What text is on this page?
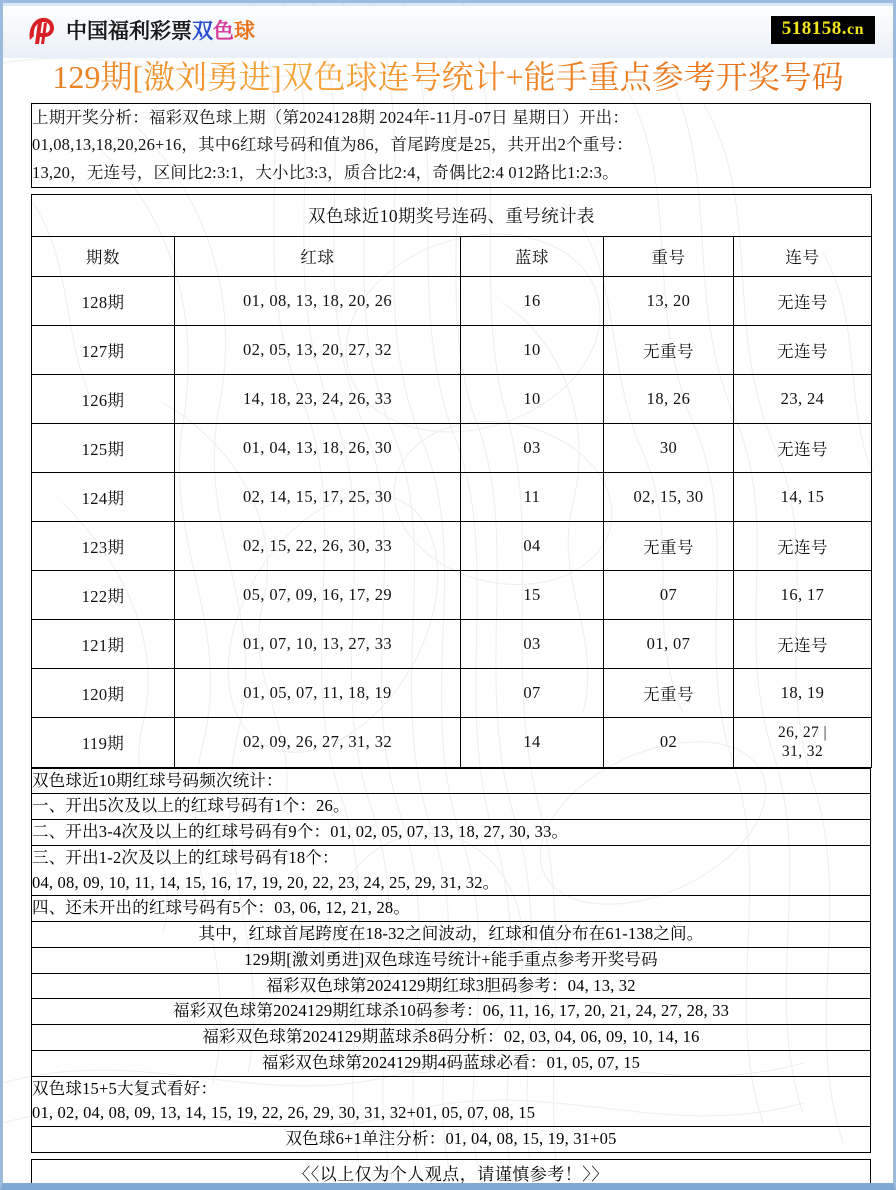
中国福利彩票双色球	518158.cn
129期[激刘勇进]双色球连号统计+能手重点参考开奖号码
上期开奖分析：福彩双色球上期（第2024128期 2024年-11月-07日 星期日）开出：
01,08,13,18,20,26+16，其中6红球号码和值为86，首尾跨度是25，共开出2个重号：
13,20，无连号，区间比2:3:1，大小比3:3，质合比2:4，奇偶比2:4 012路比1:2:3。
双色球近10期奖号连码、重号统计表				
期数	红球	蓝球	重号	连号
128期	01, 08, 13, 18, 20, 26	16	13, 20	无连号
127期	02, 05, 13, 20, 27, 32	10	无重号	无连号
126期	14, 18, 23, 24, 26, 33	10	18, 26	23, 24
125期	01, 04, 13, 18, 26, 30	03	30	无连号
124期	02, 14, 15, 17, 25, 30	11	02, 15, 30	14, 15
123期	02, 15, 22, 26, 30, 33	04	无重号	无连号
122期	05, 07, 09, 16, 17, 29	15	07	16, 17
121期	01, 07, 10, 13, 27, 33	03	01, 07	无连号
120期	01, 05, 07, 11, 18, 19	07	无重号	18, 19
119期	02, 09, 26, 27, 31, 32	14	02	26, 27 |
31, 32
双色球近10期红球号码频次统计：
一、开出5次及以上的红球号码有1个：26。
二、开出3-4次及以上的红球号码有9个：01, 02, 05, 07, 13, 18, 27, 30, 33。

三、开出1-2次及以上的红球号码有18个：
04, 08, 09, 10, 11, 14, 15, 16, 17, 19, 20, 22, 23, 24, 25, 29, 31, 32。

四、还未开出的红球号码有5个：03, 06, 12, 21, 28。
其中，红球首尾跨度在18-32之间波动，红球和值分布在61-138之间。
129期[激刘勇进]双色球连号统计+能手重点参考开奖号码
福彩双色球第2024129期红球3胆码参考：04, 13, 32
福彩双色球第2024129期红球杀10码参考：06, 11, 16, 17, 20, 21, 24, 27, 28, 33
福彩双色球第2024129期蓝球杀8码分析：02, 03, 04, 06, 09, 10, 14, 16
福彩双色球第2024129期4码蓝球必看：01, 05, 07, 15

双色球15+5大复式看好：
01, 02, 04, 08, 09, 13, 14, 15, 19, 22, 26, 29, 30, 31, 32+01, 05, 07, 08, 15

双色球6+1单注分析：01, 04, 08, 15, 19, 31+05
〈〈以上仅为个人观点，请谨慎参考！〉〉
